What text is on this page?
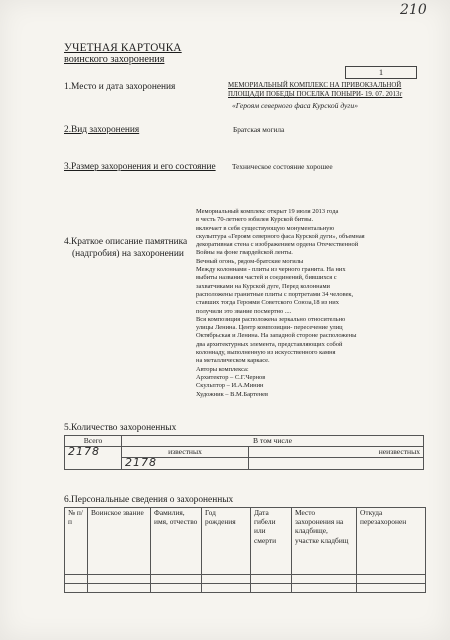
210
УЧЕТНАЯ КАРТОЧКА
воинского захоронения
1
1.Место и дата захоронения	МЕМОРИАЛЬНЫЙ КОМПЛЕКС НА ПРИВОКЗАЛЬНОЙ
ПЛОЩАДИ ПОБЕДЫ ПОСЕЛКА ПОНЫРИ- 19. 07. 2013г
«Героям северного фаса Курской дуги»
2.Вид захоронения	Братская могила
3.Размер захоронения и его состояние Техническое состояние хорошее
4.Краткое описание памятника
(надгробия) на захоронении
Мемориальный комплекс открыт 19 июля 2013 года
в честь 70-летнего юбилея Курской битвы.
включает в себя существующую монументальную
скульптура «Героям северного фаса Курской дуги», объемная
декоративная стена с изображением ордена Отечественной
Войны на фоне гвардейской ленты.
Вечный огонь, рядом-братские могилы
Между колоннами - плиты из черного гранита. На них
выбиты названия частей и соединений, бившихся с
захватчиками на Курской дуге, Перед колоннами
расположены гранитные плиты с портретами 34 человек,
ставших тогда Героями Советского Союза,18 из них
получили это звание посмертно ....
Вся композиция расположена зеркально относительно
улицы Ленина. Центр композиции- пересечение улиц
Октябрьская и Ленина. На западной стороне расположены
два архитектурных элемента, представляющих собой
колоннаду, выполненную из искусственного камня
на металлическом каркасе.
Авторы комплекса:
Архитектор – С.Г.Чернов
Скульптор – И.А.Минин
Художник – В.М.Бартенев
5.Количество захороненных
Всего	В том числе	
2178	известных	неизвестных
	2178	
6.Персональные сведения о захороненных
№ п/п	Воинское звание	Фамилия, имя, отчество	Год рождения	Дата гибели или смерти	Место захоронения на кладбище, участке кладбищ	Откуда перезахоронен
